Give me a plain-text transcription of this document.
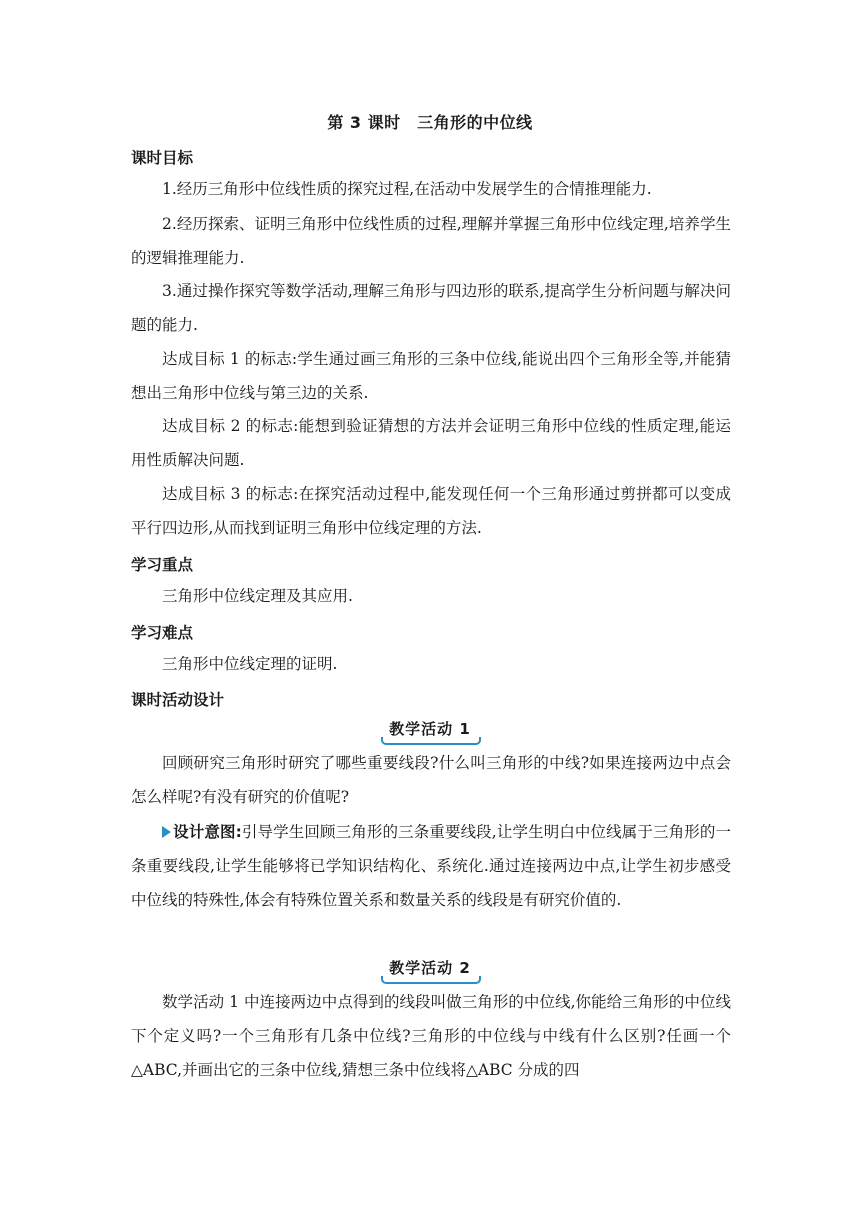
第 3 课时　三角形的中位线
课时目标

1.经历三角形中位线性质的探究过程,在活动中发展学生的合情推理能力.

2.经历探索、证明三角形中位线性质的过程,理解并掌握三角形中位线定理,培养学生的逻辑推理能力.

3.通过操作探究等数学活动,理解三角形与四边形的联系,提高学生分析问题与解决问题的能力.

达成目标 1 的标志:学生通过画三角形的三条中位线,能说出四个三角形全等,并能猜想出三角形中位线与第三边的关系.

达成目标 2 的标志:能想到验证猜想的方法并会证明三角形中位线的性质定理,能运用性质解决问题.

达成目标 3 的标志:在探究活动过程中,能发现任何一个三角形通过剪拼都可以变成平行四边形,从而找到证明三角形中位线定理的方法.

学习重点

三角形中位线定理及其应用.

学习难点

三角形中位线定理的证明.

课时活动设计
教学活动 1

回顾研究三角形时研究了哪些重要线段?什么叫三角形的中线?如果连接两边中点会怎么样呢?有没有研究的价值呢?

设计意图:引导学生回顾三角形的三条重要线段,让学生明白中位线属于三角形的一条重要线段,让学生能够将已学知识结构化、系统化.通过连接两边中点,让学生初步感受中位线的特殊性,体会有特殊位置关系和数量关系的线段是有研究价值的.

教学活动 2

数学活动 1 中连接两边中点得到的线段叫做三角形的中位线,你能给三角形的中位线下个定义吗?一个三角形有几条中位线?三角形的中位线与中线有什么区别?任画一个△ABC,并画出它的三条中位线,猜想三条中位线将△ABC 分成的四
